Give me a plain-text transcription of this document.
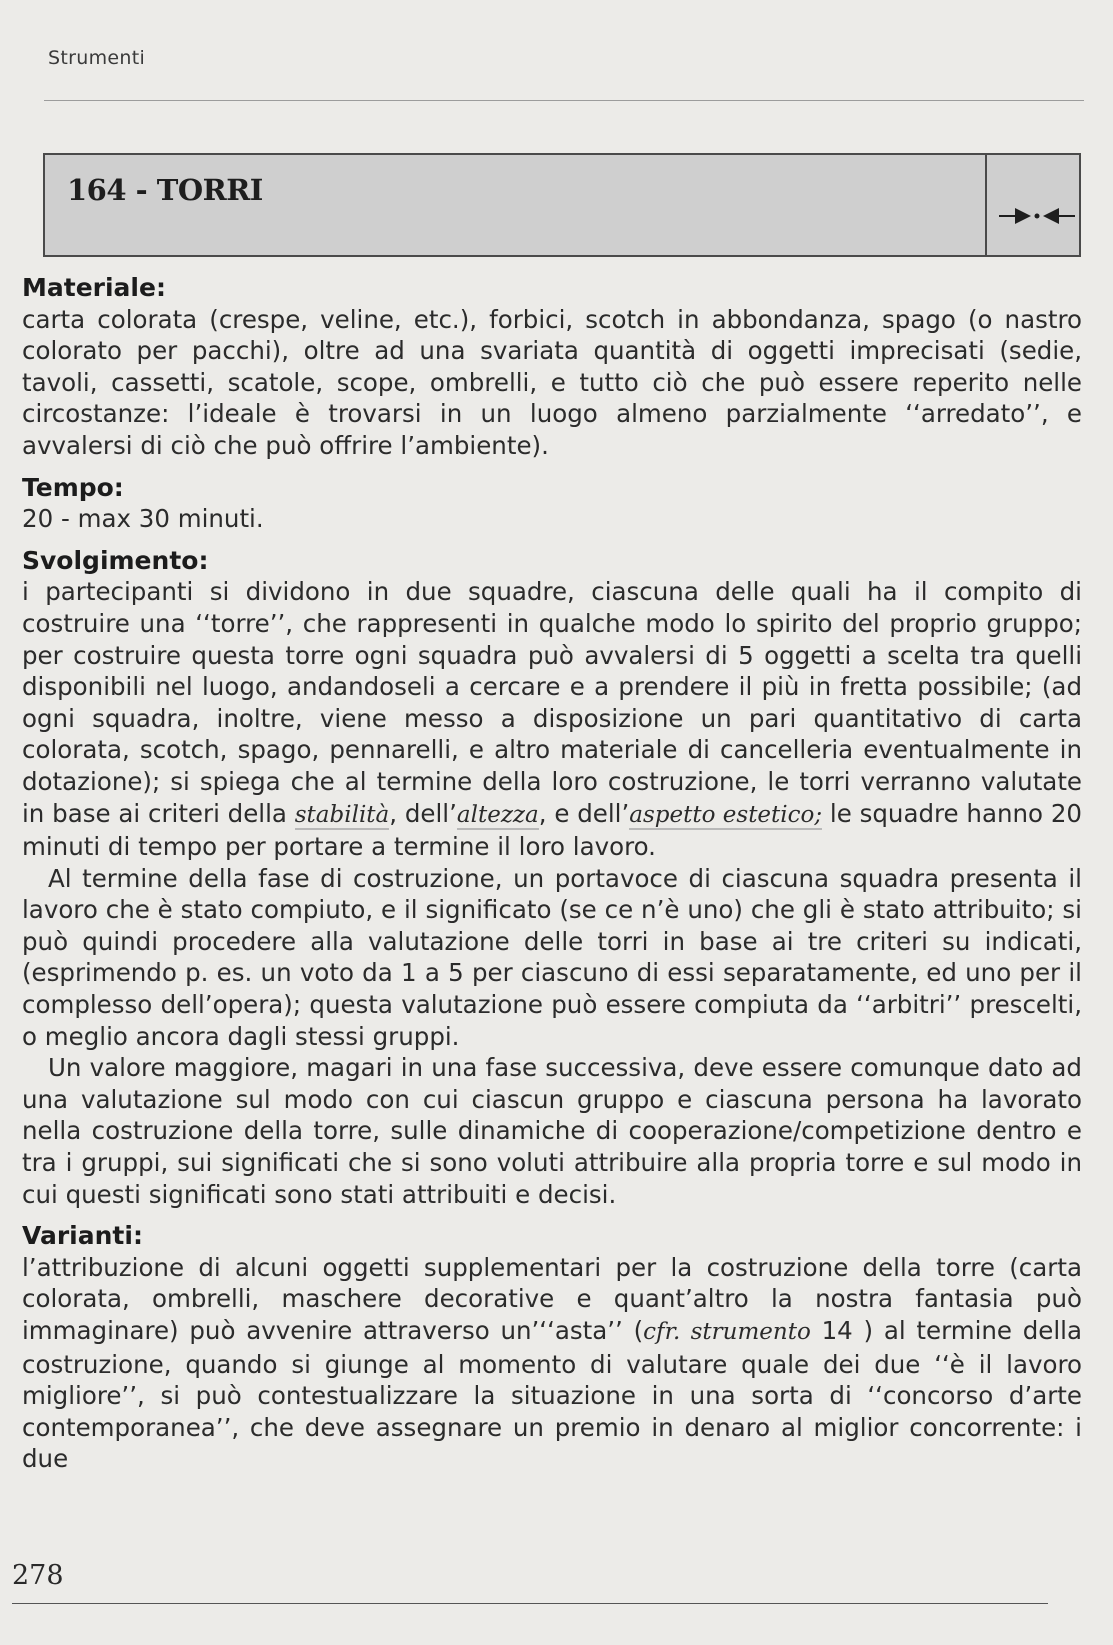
Strumenti
164 - TORRI
Materiale:

carta colorata (crespe, veline, etc.), forbici, scotch in abbondanza, spago (o nastro colorato per pacchi), oltre ad una svariata quantità di oggetti imprecisati (sedie, tavoli, cassetti, scatole, scope, ombrelli, e tutto ciò che può essere reperito nelle circostanze: l’ideale è trovarsi in un luogo almeno parzialmente ‘‘arredato’’, e avvalersi di ciò che può offrire l’ambiente).

Tempo:

20 - max 30 minuti.

Svolgimento:

i partecipanti si dividono in due squadre, ciascuna delle quali ha il compito di costruire una ‘‘torre’’, che rappresenti in qualche modo lo spirito del proprio gruppo; per costruire questa torre ogni squadra può avvalersi di 5 oggetti a scelta tra quelli disponibili nel luogo, andandoseli a cercare e a prendere il più in fretta possibile; (ad ogni squadra, inoltre, viene messo a disposizione un pari quantitativo di carta colorata, scotch, spago, pennarelli, e altro materiale di cancelleria eventualmente in dotazione); si spiega che al termine della loro costruzione, le torri verranno valutate in base ai criteri della stabilità, dell’altezza, e dell’aspetto estetico; le squadre hanno 20 minuti di tempo per portare a termine il loro lavoro.

Al termine della fase di costruzione, un portavoce di ciascuna squadra presenta il lavoro che è stato compiuto, e il significato (se ce n’è uno) che gli è stato attribuito; si può quindi procedere alla valutazione delle torri in base ai tre criteri su indicati, (esprimendo p. es. un voto da 1 a 5 per ciascuno di essi separatamente, ed uno per il complesso dell’opera); questa valutazione può essere compiuta da ‘‘arbitri’’ prescelti, o meglio ancora dagli stessi gruppi.

Un valore maggiore, magari in una fase successiva, deve essere comunque dato ad una valutazione sul modo con cui ciascun gruppo e ciascuna persona ha lavorato nella costruzione della torre, sulle dinamiche di cooperazione/competizione dentro e tra i gruppi, sui significati che si sono voluti attribuire alla propria torre e sul modo in cui questi significati sono stati attribuiti e decisi.

Varianti:

l’attribuzione di alcuni oggetti supplementari per la costruzione della torre (carta colorata, ombrelli, maschere decorative e quant’altro la nostra fantasia può immaginare) può avvenire attraverso un’‘‘asta’’ (cfr. strumento 14 ) al termine della costruzione, quando si giunge al momento di valutare quale dei due ‘‘è il lavoro migliore’’, si può contestualizzare la situazione in una sorta di ‘‘concorso d’arte contemporanea’’, che deve assegnare un premio in denaro al miglior concorrente: i due

278
